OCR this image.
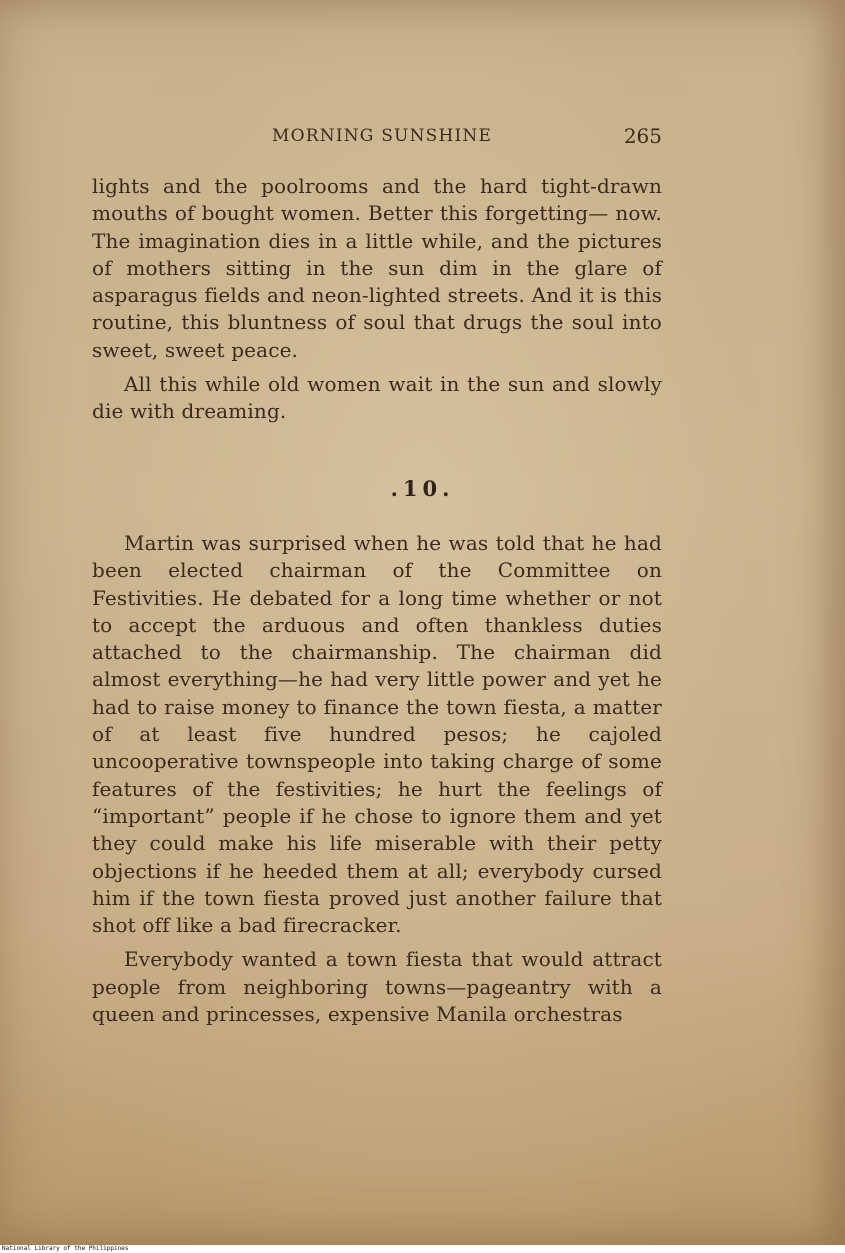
MORNING SUNSHINE	265

lights and the poolrooms and the hard tight-drawn mouths of bought women. Better this forgetting— now. The imagination dies in a little while, and the pictures of mothers sitting in the sun dim in the glare of asparagus fields and neon-lighted streets. And it is this routine, this bluntness of soul that drugs the soul into sweet, sweet peace.

All this while old women wait in the sun and slowly die with dreaming.

.10.

Martin was surprised when he was told that he had been elected chairman of the Committee on Festivities. He debated for a long time whether or not to accept the arduous and often thankless duties attached to the chairmanship. The chairman did almost everything—he had very little power and yet he had to raise money to finance the town fiesta, a matter of at least five hundred pesos; he cajoled uncooperative townspeople into taking charge of some features of the festivities; he hurt the feelings of “important” people if he chose to ignore them and yet they could make his life miserable with their petty objections if he heeded them at all; everybody cursed him if the town fiesta proved just another failure that shot off like a bad firecracker.

Everybody wanted a town fiesta that would attract people from neighboring towns—pageantry with a queen and princesses, expensive Manila orchestras

National Library of the Philippines
